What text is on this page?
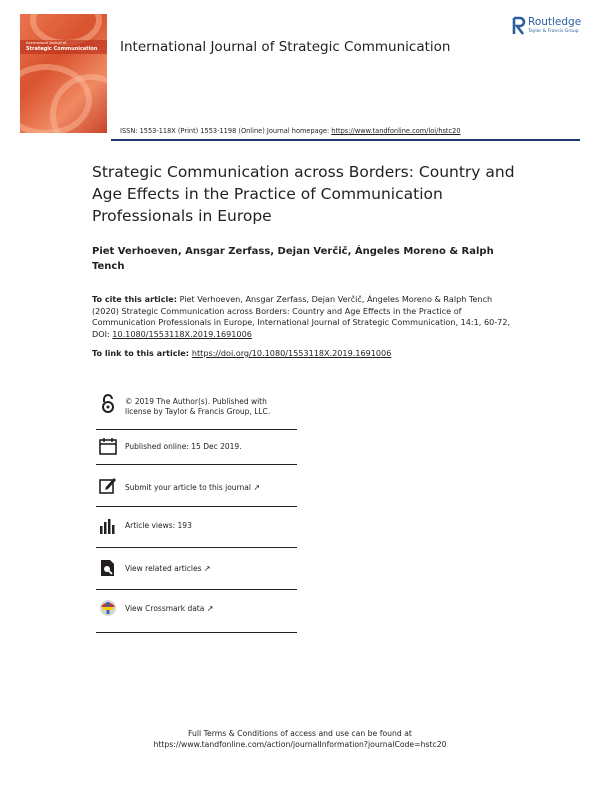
International Journal of
Strategic Communication International Journal of Strategic Communication
Routledge
Taylor & Francis Group
ISSN: 1553-118X (Print) 1553-1198 (Online) Journal homepage: https://www.tandfonline.com/loi/hstc20
Strategic Communication across Borders: Country and Age Effects in the Practice of Communication Professionals in Europe
Piet Verhoeven, Ansgar Zerfass, Dejan Verčič, Ángeles Moreno & Ralph Tench
To cite this article: Piet Verhoeven, Ansgar Zerfass, Dejan Verčič, Ángeles Moreno & Ralph Tench (2020) Strategic Communication across Borders: Country and Age Effects in the Practice of Communication Professionals in Europe, International Journal of Strategic Communication, 14:1, 60-72, DOI: 10.1080/1553118X.2019.1691006
To link to this article: https://doi.org/10.1080/1553118X.2019.1691006
© 2019 The Author(s). Published with license by Taylor & Francis Group, LLC.
Published online: 15 Dec 2019.
Submit your article to this journal ↗
Article views: 193
View related articles ↗
View Crossmark data ↗
Full Terms & Conditions of access and use can be found at
https://www.tandfonline.com/action/journalInformation?journalCode=hstc20
